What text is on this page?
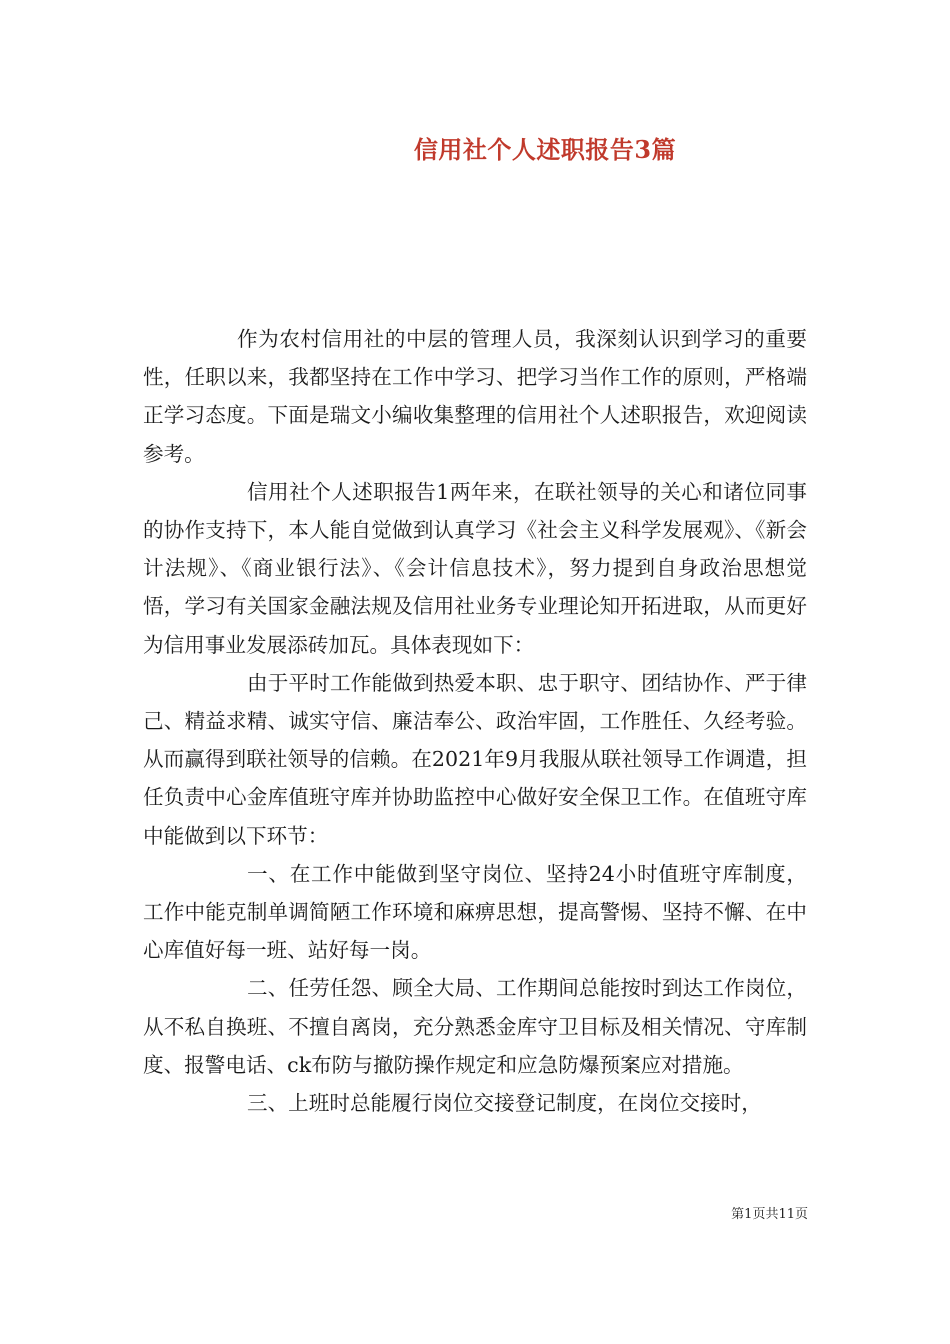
信用社个人述职报告3篇

作为农村信用社的中层的管理人员，我深刻认识到学习的重要性，任职以来，我都坚持在工作中学习、把学习当作工作的原则，严格端正学习态度。下面是瑞文小编收集整理的信用社个人述职报告，欢迎阅读参考。

信用社个人述职报告1两年来，在联社领导的关心和诸位同事的协作支持下，本人能自觉做到认真学习《社会主义科学发展观》、《新会计法规》、《商业银行法》、《会计信息技术》，努力提到自身政治思想觉悟，学习有关国家金融法规及信用社业务专业理论知开拓进取，从而更好为信用事业发展添砖加瓦。具体表现如下：

由于平时工作能做到热爱本职、忠于职守、团结协作、严于律己、精益求精、诚实守信、廉洁奉公、政治牢固，工作胜任、久经考验。从而赢得到联社领导的信赖。在2021年9月我服从联社领导工作调遣，担任负责中心金库值班守库并协助监控中心做好安全保卫工作。在值班守库中能做到以下环节：

一、在工作中能做到坚守岗位、坚持24小时值班守库制度，工作中能克制单调简陋工作环境和麻痹思想，提高警惕、坚持不懈、在中心库值好每一班、站好每一岗。

二、任劳任怨、顾全大局、工作期间总能按时到达工作岗位，从不私自换班、不擅自离岗，充分熟悉金库守卫目标及相关情况、守库制度、报警电话、ck布防与撤防操作规定和应急防爆预案应对措施。

三、上班时总能履行岗位交接登记制度，在岗位交接时，

第1页共11页
